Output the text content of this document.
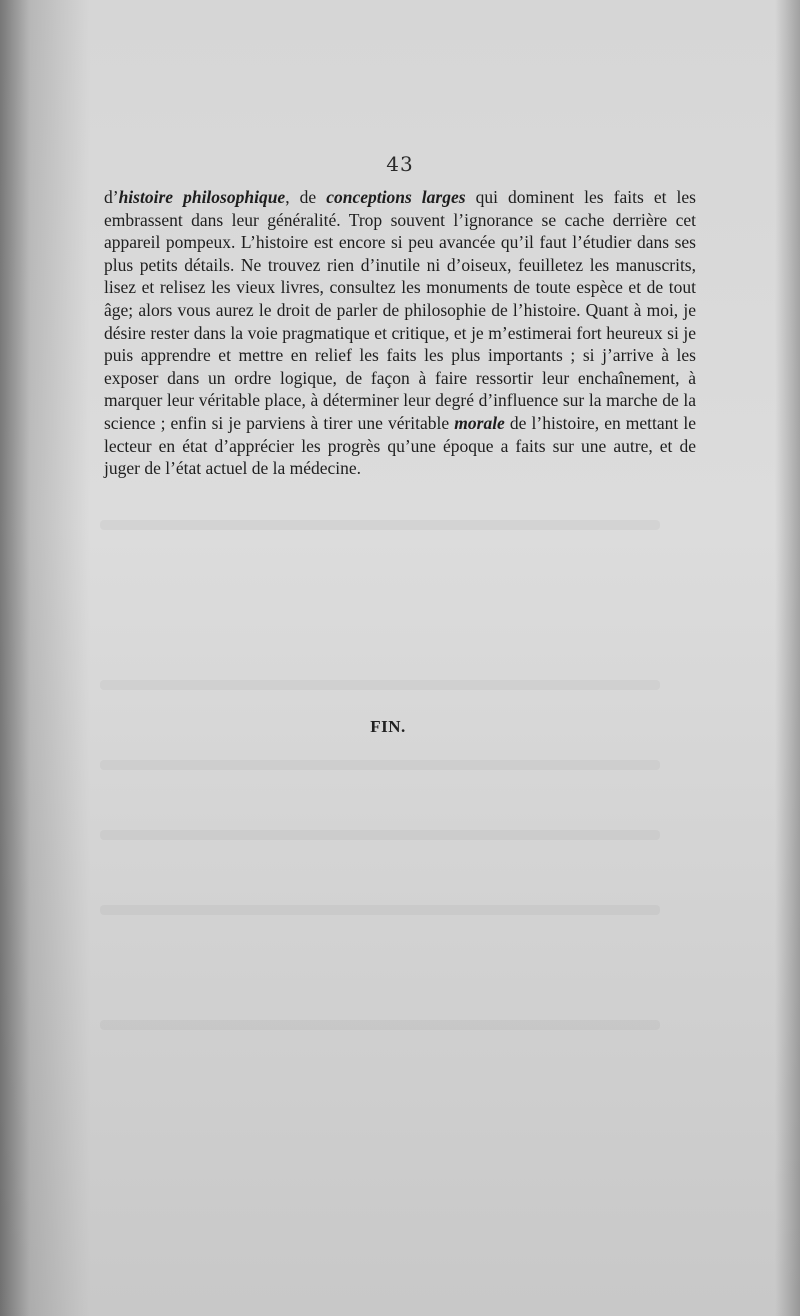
43

d’histoire philosophique, de conceptions larges qui dominent les faits et les embrassent dans leur généralité. Trop souvent l’ignorance se cache derrière cet appareil pompeux. L’histoire est encore si peu avancée qu’il faut l’étudier dans ses plus petits détails. Ne trouvez rien d’inutile ni d’oiseux, feuilletez les manuscrits, lisez et relisez les vieux livres, consultez les monuments de toute espèce et de tout âge; alors vous aurez le droit de parler de philosophie de l’histoire. Quant à moi, je désire rester dans la voie pragmatique et critique, et je m’estimerai fort heureux si je puis apprendre et mettre en relief les faits les plus importants ; si j’arrive à les exposer dans un ordre logique, de façon à faire ressortir leur enchaînement, à marquer leur véritable place, à déterminer leur degré d’influence sur la marche de la science ; enfin si je parviens à tirer une véritable morale de l’histoire, en mettant le lecteur en état d’apprécier les progrès qu’une époque a faits sur une autre, et de juger de l’état actuel de la médecine.

FIN.
